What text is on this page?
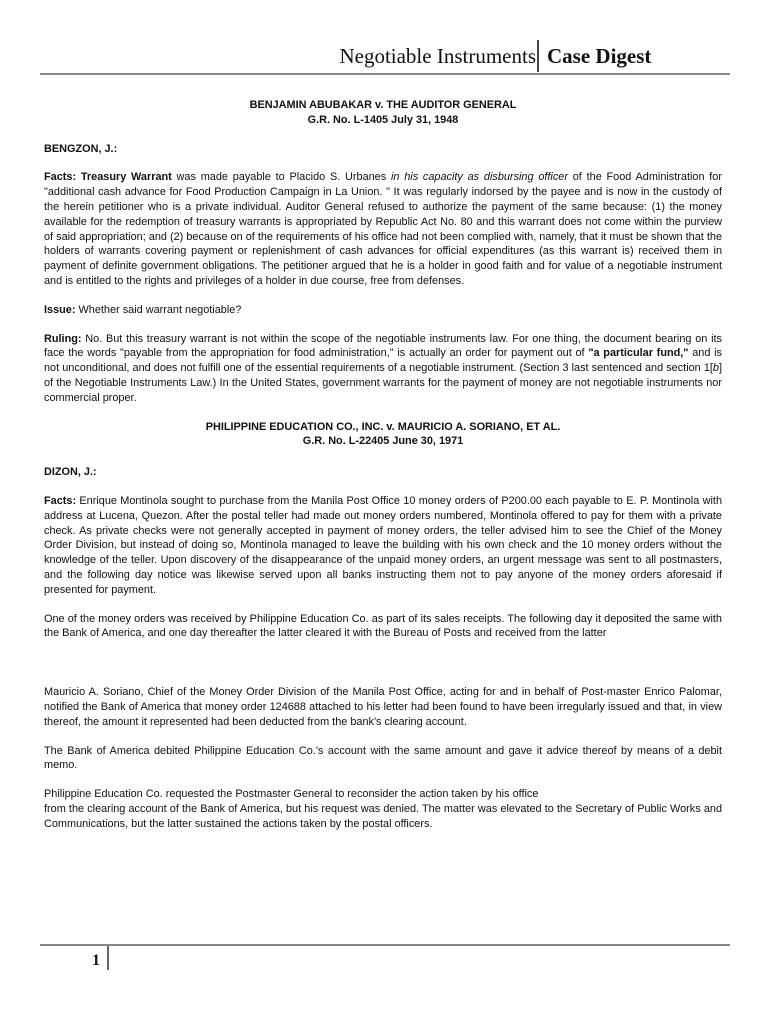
Negotiable Instruments Case Digest

BENJAMIN ABUBAKAR v. THE AUDITOR GENERAL

G.R. No. L-1405 July 31, 1948

BENGZON, J.:

Facts: Treasury Warrant was made payable to Placido S. Urbanes in his capacity as disbursing officer of the Food Administration for "additional cash advance for Food Production Campaign in La Union. " It was regularly indorsed by the payee and is now in the custody of the herein petitioner who is a private individual. Auditor General refused to authorize the payment of the same because: (1) the money available for the redemption of treasury warrants is appropriated by Republic Act No. 80 and this warrant does not come within the purview of said appropriation; and (2) because on of the requirements of his office had not been complied with, namely, that it must be shown that the holders of warrants covering payment or replenishment of cash advances for official expenditures (as this warrant is) received them in payment of definite government obligations. The petitioner argued that he is a holder in good faith and for value of a negotiable instrument and is entitled to the rights and privileges of a holder in due course, free from defenses.

Issue: Whether said warrant negotiable?

Ruling: No. But this treasury warrant is not within the scope of the negotiable instruments law. For one thing, the document bearing on its face the words "payable from the appropriation for food administration," is actually an order for payment out of "a particular fund," and is not unconditional, and does not fulfill one of the essential requirements of a negotiable instrument. (Section 3 last sentenced and section 1[b] of the Negotiable Instruments Law.) In the United States, government warrants for the payment of money are not negotiable instruments nor commercial proper.

PHILIPPINE EDUCATION CO., INC. v. MAURICIO A. SORIANO, ET AL.

G.R. No. L-22405 June 30, 1971

DIZON, J.:

Facts: Enrique Montinola sought to purchase from the Manila Post Office 10 money orders of P200.00 each payable to E. P. Montinola with address at Lucena, Quezon. After the postal teller had made out money orders numbered, Montinola offered to pay for them with a private check. As private checks were not generally accepted in payment of money orders, the teller advised him to see the Chief of the Money Order Division, but instead of doing so, Montinola managed to leave the building with his own check and the 10 money orders without the knowledge of the teller. Upon discovery of the disappearance of the unpaid money orders, an urgent message was sent to all postmasters, and the following day notice was likewise served upon all banks instructing them not to pay anyone of the money orders aforesaid if presented for payment.

One of the money orders was received by Philippine Education Co. as part of its sales receipts. The following day it deposited the same with the Bank of America, and one day thereafter the latter cleared it with the Bureau of Posts and received from the latter

Mauricio A. Soriano, Chief of the Money Order Division of the Manila Post Office, acting for and in behalf of Post-master Enrico Palomar, notified the Bank of America that money order 124688 attached to his letter had been found to have been irregularly issued and that, in view thereof, the amount it represented had been deducted from the bank's clearing account.

The Bank of America debited Philippine Education Co.'s account with the same amount and gave it advice thereof by means of a debit memo.

Philippine Education Co. requested the Postmaster General to reconsider the action taken by his office

from the clearing account of the Bank of America, but his request was denied. The matter was elevated to the Secretary of Public Works and Communications, but the latter sustained the actions taken by the postal officers.

1
